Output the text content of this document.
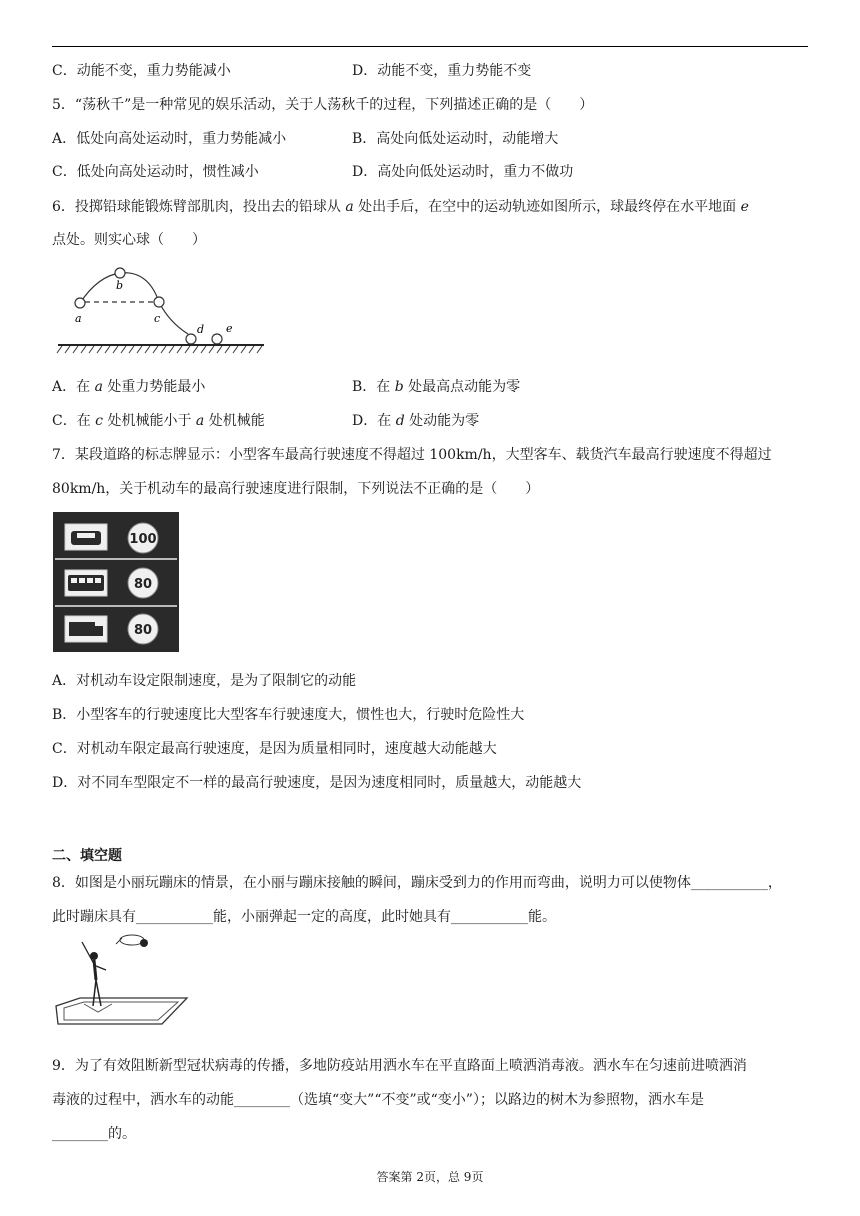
C．动能不变，重力势能减小	D．动能不变，重力势能不变
5．“荡秋千”是一种常见的娱乐活动，关于人荡秋千的过程，下列描述正确的是（　　）
A．低处向高处运动时，重力势能减小	B．高处向低处运动时，动能增大
C．低处向高处运动时，惯性减小	D．高处向低处运动时，重力不做功
6．投掷铅球能锻炼臂部肌肉，投出去的铅球从 a 处出手后，在空中的运动轨迹如图所示，球最终停在水平地面 e
点处。则实心球（　　）
a
b
c
d e
A．在 a 处重力势能最小	B．在 b 处最高点动能为零
C．在 c 处机械能小于 a 处机械能	D．在 d 处动能为零
7．某段道路的标志牌显示：小型客车最高行驶速度不得超过 100km/h，大型客车、载货汽车最高行驶速度不得超过
80km/h，关于机动车的最高行驶速度进行限制，下列说法不正确的是（　　）
100
80
80
A．对机动车设定限制速度，是为了限制它的动能
B．小型客车的行驶速度比大型客车行驶速度大，惯性也大，行驶时危险性大
C．对机动车限定最高行驶速度，是因为质量相同时，速度越大动能越大
D．对不同车型限定不一样的最高行驶速度，是因为速度相同时，质量越大，动能越大
二、填空题
8．如图是小丽玩蹦床的情景，在小丽与蹦床接触的瞬间，蹦床受到力的作用而弯曲，说明力可以使物体___________，
此时蹦床具有___________能，小丽弹起一定的高度，此时她具有___________能。
9．为了有效阻断新型冠状病毒的传播，多地防疫站用洒水车在平直路面上喷洒消毒液。洒水车在匀速前进喷洒消
毒液的过程中，洒水车的动能________（选填“变大”“不变”或“变小”）；以路边的树木为参照物，洒水车是
________的。
答案第 2页，总 9页
